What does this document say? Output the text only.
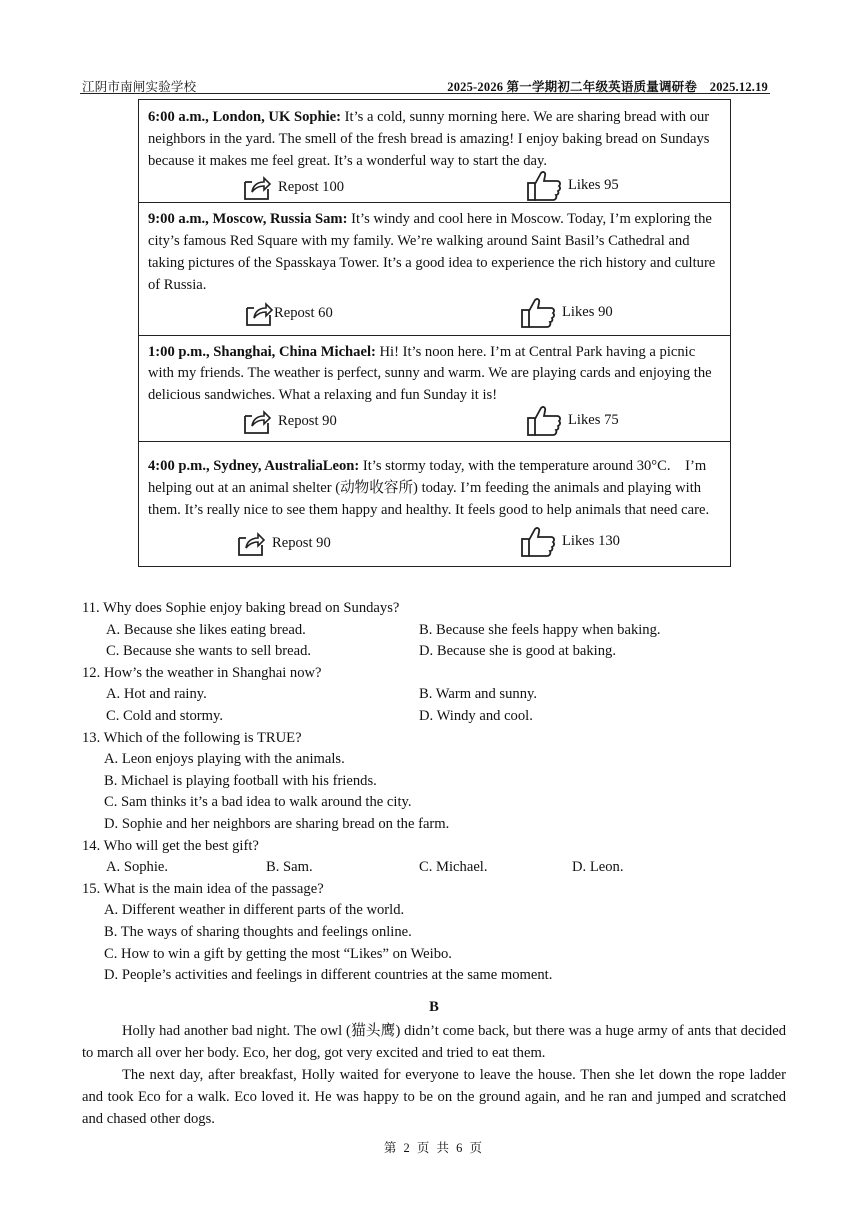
江阴市南闸实验学校	2025-2026 第一学期初二年级英语质量调研卷　2025.12.19
6:00 a.m., London, UK Sophie: It’s a cold, sunny morning here. We are sharing bread with our neighbors in the yard. The smell of the fresh bread is amazing! I enjoy baking bread on Sundays because it makes me feel great. It’s a wonderful way to start the day.
Repost 100	Likes 95
9:00 a.m., Moscow, Russia Sam: It’s windy and cool here in Moscow. Today, I’m exploring the city’s famous Red Square with my family. We’re walking around Saint Basil’s Cathedral and taking pictures of the Spasskaya Tower. It’s a good idea to experience the rich history and culture of Russia.
Repost 60	Likes 90
1:00 p.m., Shanghai, China Michael: Hi! It’s noon here. I’m at Central Park having a picnic with my friends. The weather is perfect, sunny and warm. We are playing cards and enjoying the delicious sandwiches. What a relaxing and fun Sunday it is!
Repost 90	Likes 75
4:00 p.m., Sydney, AustraliaLeon: It’s stormy today, with the temperature around 30°C.　I’m helping out at an animal shelter (动物收容所) today. I’m feeding the animals and playing with them. It’s really nice to see them happy and healthy. It feels good to help animals that need care.
Repost 90	Likes 130
11. Why does Sophie enjoy baking bread on Sundays?
A. Because she likes eating bread.	B. Because she feels happy when baking.
C. Because she wants to sell bread.	D. Because she is good at baking.
12. How’s the weather in Shanghai now?
A. Hot and rainy.	B. Warm and sunny.
C. Cold and stormy.	D. Windy and cool.
13. Which of the following is TRUE?
A. Leon enjoys playing with the animals.
B. Michael is playing football with his friends.
C. Sam thinks it’s a bad idea to walk around the city.
D. Sophie and her neighbors are sharing bread on the farm.
14. Who will get the best gift?
A. Sophie.	B. Sam.	C. Michael.	D. Leon.
15. What is the main idea of the passage?
A. Different weather in different parts of the world.
B. The ways of sharing thoughts and feelings online.
C. How to win a gift by getting the most “Likes” on Weibo.
D. People’s activities and feelings in different countries at the same moment.
B
Holly had another bad night. The owl (猫头鹰) didn’t come back, but there was a huge army of ants that decided to march all over her body. Eco, her dog, got very excited and tried to eat them.
The next day, after breakfast, Holly waited for everyone to leave the house. Then she let down the rope ladder and took Eco for a walk. Eco loved it. He was happy to be on the ground again, and he ran and jumped and scratched and chased other dogs.
第 2 页 共 6 页
